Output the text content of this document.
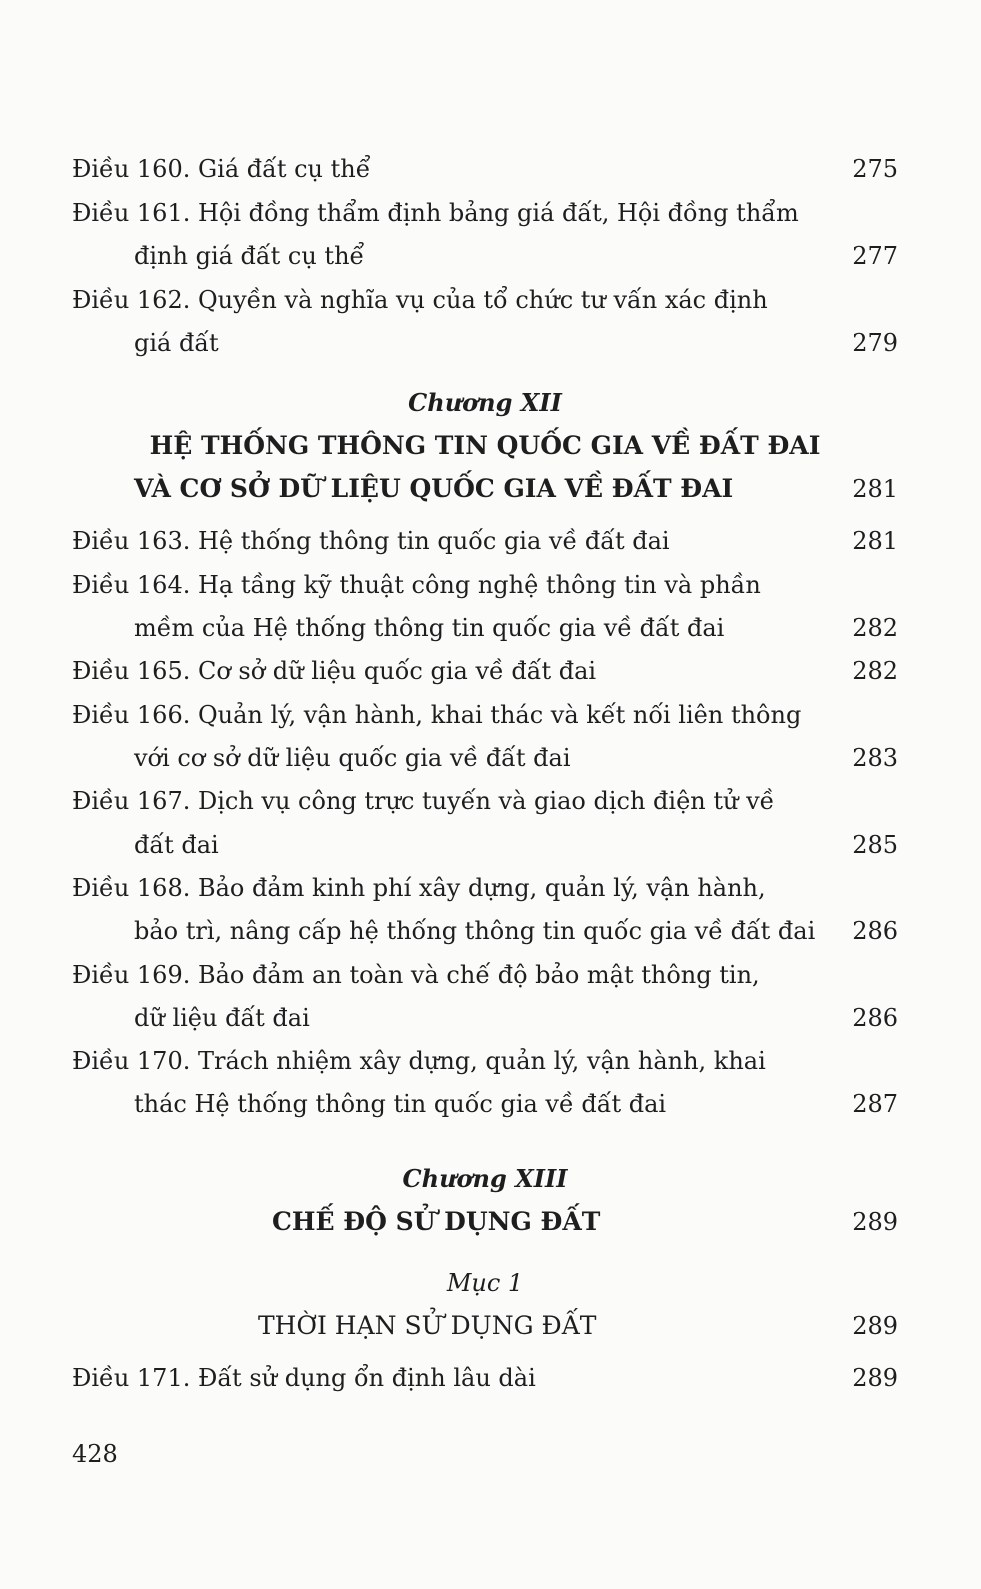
Điều 160. Giá đất cụ thể	275
Điều 161. Hội đồng thẩm định bảng giá đất, Hội đồng thẩm
định giá đất cụ thể	277
Điều 162. Quyền và nghĩa vụ của tổ chức tư vấn xác định
giá đất	279
Chương XII
HỆ THỐNG THÔNG TIN QUỐC GIA VỀ ĐẤT ĐAI
VÀ CƠ SỞ DỮ LIỆU QUỐC GIA VỀ ĐẤT ĐAI	281
Điều 163. Hệ thống thông tin quốc gia về đất đai	281
Điều 164. Hạ tầng kỹ thuật công nghệ thông tin và phần
mềm của Hệ thống thông tin quốc gia về đất đai	282
Điều 165. Cơ sở dữ liệu quốc gia về đất đai	282
Điều 166. Quản lý, vận hành, khai thác và kết nối liên thông
với cơ sở dữ liệu quốc gia về đất đai	283
Điều 167. Dịch vụ công trực tuyến và giao dịch điện tử về
đất đai	285
Điều 168. Bảo đảm kinh phí xây dựng, quản lý, vận hành,
bảo trì, nâng cấp hệ thống thông tin quốc gia về đất đai 286
Điều 169. Bảo đảm an toàn và chế độ bảo mật thông tin,
dữ liệu đất đai	286
Điều 170. Trách nhiệm xây dựng, quản lý, vận hành, khai
thác Hệ thống thông tin quốc gia về đất đai	287
Chương XIII
CHẾ ĐỘ SỬ DỤNG ĐẤT	289
Mục 1
THỜI HẠN SỬ DỤNG ĐẤT	289
Điều 171. Đất sử dụng ổn định lâu dài	289
428
